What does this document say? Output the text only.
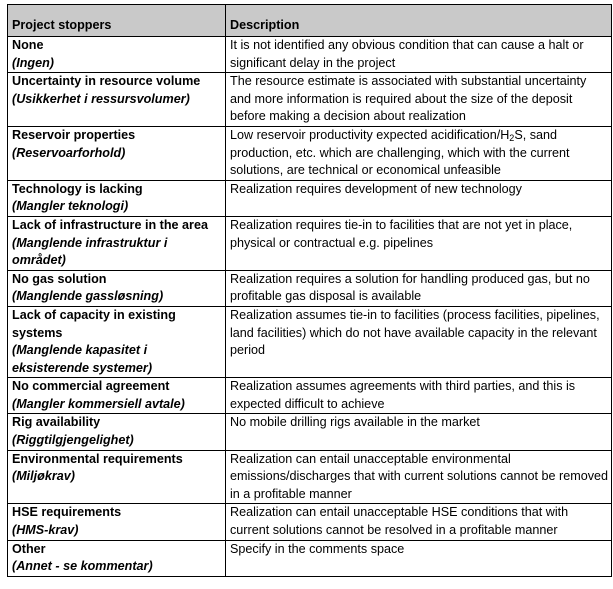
Project stoppers	Description

None
(Ingen)	It is not identified any obvious condition that can cause a halt or significant delay in the project

Uncertainty in resource volume
(Usikkerhet i ressursvolumer)	The resource estimate is associated with substantial uncertainty and more information is required about the size of the deposit before making a decision about realization

Reservoir properties
(Reservoarforhold)	Low reservoir productivity expected acidification/$H_2S$, sand production, etc. which are challenging, which with the current solutions, are technical or economical unfeasible

Technology is lacking
(Mangler teknologi)	Realization requires development of new technology

Lack of infrastructure in the area
(Manglende infrastruktur i området)	Realization requires tie-in to facilities that are not yet in place, physical or contractual e.g. pipelines

No gas solution
(Manglende gassløsning)	Realization requires a solution for handling produced gas, but no profitable gas disposal is available

Lack of capacity in existing systems
(Manglende kapasitet i eksisterende systemer)	Realization assumes tie-in to facilities (process facilities, pipelines, land facilities) which do not have available capacity in the relevant period

No commercial agreement
(Mangler kommersiell avtale)	Realization assumes agreements with third parties, and this is expected difficult to achieve

Rig availability
(Riggtilgjengelighet)	No mobile drilling rigs available in the market

Environmental requirements
(Miljøkrav)	Realization can entail unacceptable environmental emissions/discharges that with current solutions cannot be removed in a profitable manner

HSE requirements
(HMS-krav)	Realization can entail unacceptable HSE conditions that with current solutions cannot be resolved in a profitable manner

Other
(Annet - se kommentar)	Specify in the comments space
